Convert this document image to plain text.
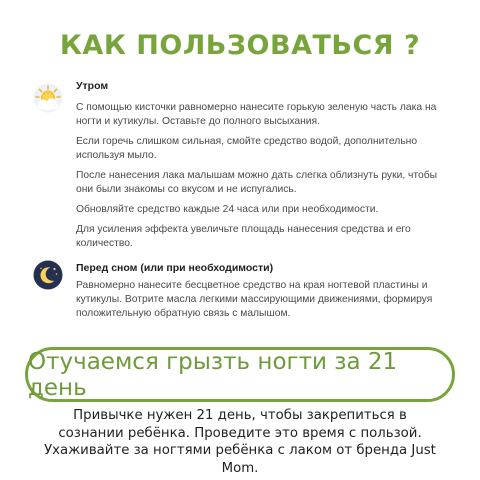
КАК ПОЛЬЗОВАТЬСЯ ?
Утром

С помощью кисточки равномерно нанесите горькую зеленую часть лака на ногти и кутикулы. Оставьте до полного высыхания.

Если горечь слишком сильная, смойте средство водой, дополнительно используя мыло.

После нанесения лака малышам можно дать слегка облизнуть руки, чтобы они были знакомы со вкусом и не испугались.

Обновляйте средство каждые 24 часа или при необходимости.

Для усиления эффекта увеличьте площадь нанесения средства и его количество.

Перед сном (или при необходимости)

Равномерно нанесите бесцветное средство на края ногтевой пластины и кутикулы. Вотрите масла легкими массирующими движениями, формируя положительную обратную связь с малышом.

Отучаемся грызть ногти за 21 день
Привычке нужен 21 день, чтобы закрепиться в сознании ребёнка. Проведите это время с пользой. Ухаживайте за ногтями ребёнка с лаком от бренда Just Mom.
